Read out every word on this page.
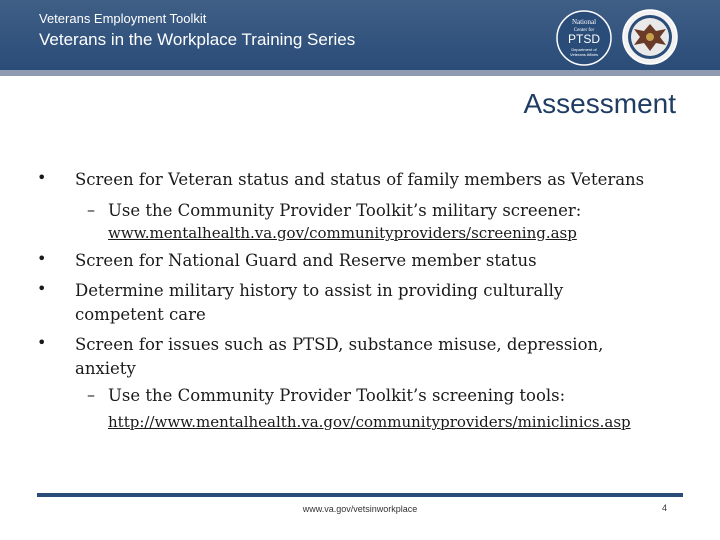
Veterans Employment Toolkit
Veterans in the Workplace Training Series
National
Center for
PTSD
Department of
Veterans Affairs
Assessment
• Screen for Veteran status and status of family members as Veterans
– Use the Community Provider Toolkit’s military screener:
www.mentalhealth.va.gov/communityproviders/screening.asp
• Screen for National Guard and Reserve member status
• Determine military history to assist in providing culturally
competent care
• Screen for issues such as PTSD, substance misuse, depression,
anxiety
– Use the Community Provider Toolkit’s screening tools:
http://www.mentalhealth.va.gov/communityproviders/miniclinics.asp
www.va.gov/vetsinworkplace	4
